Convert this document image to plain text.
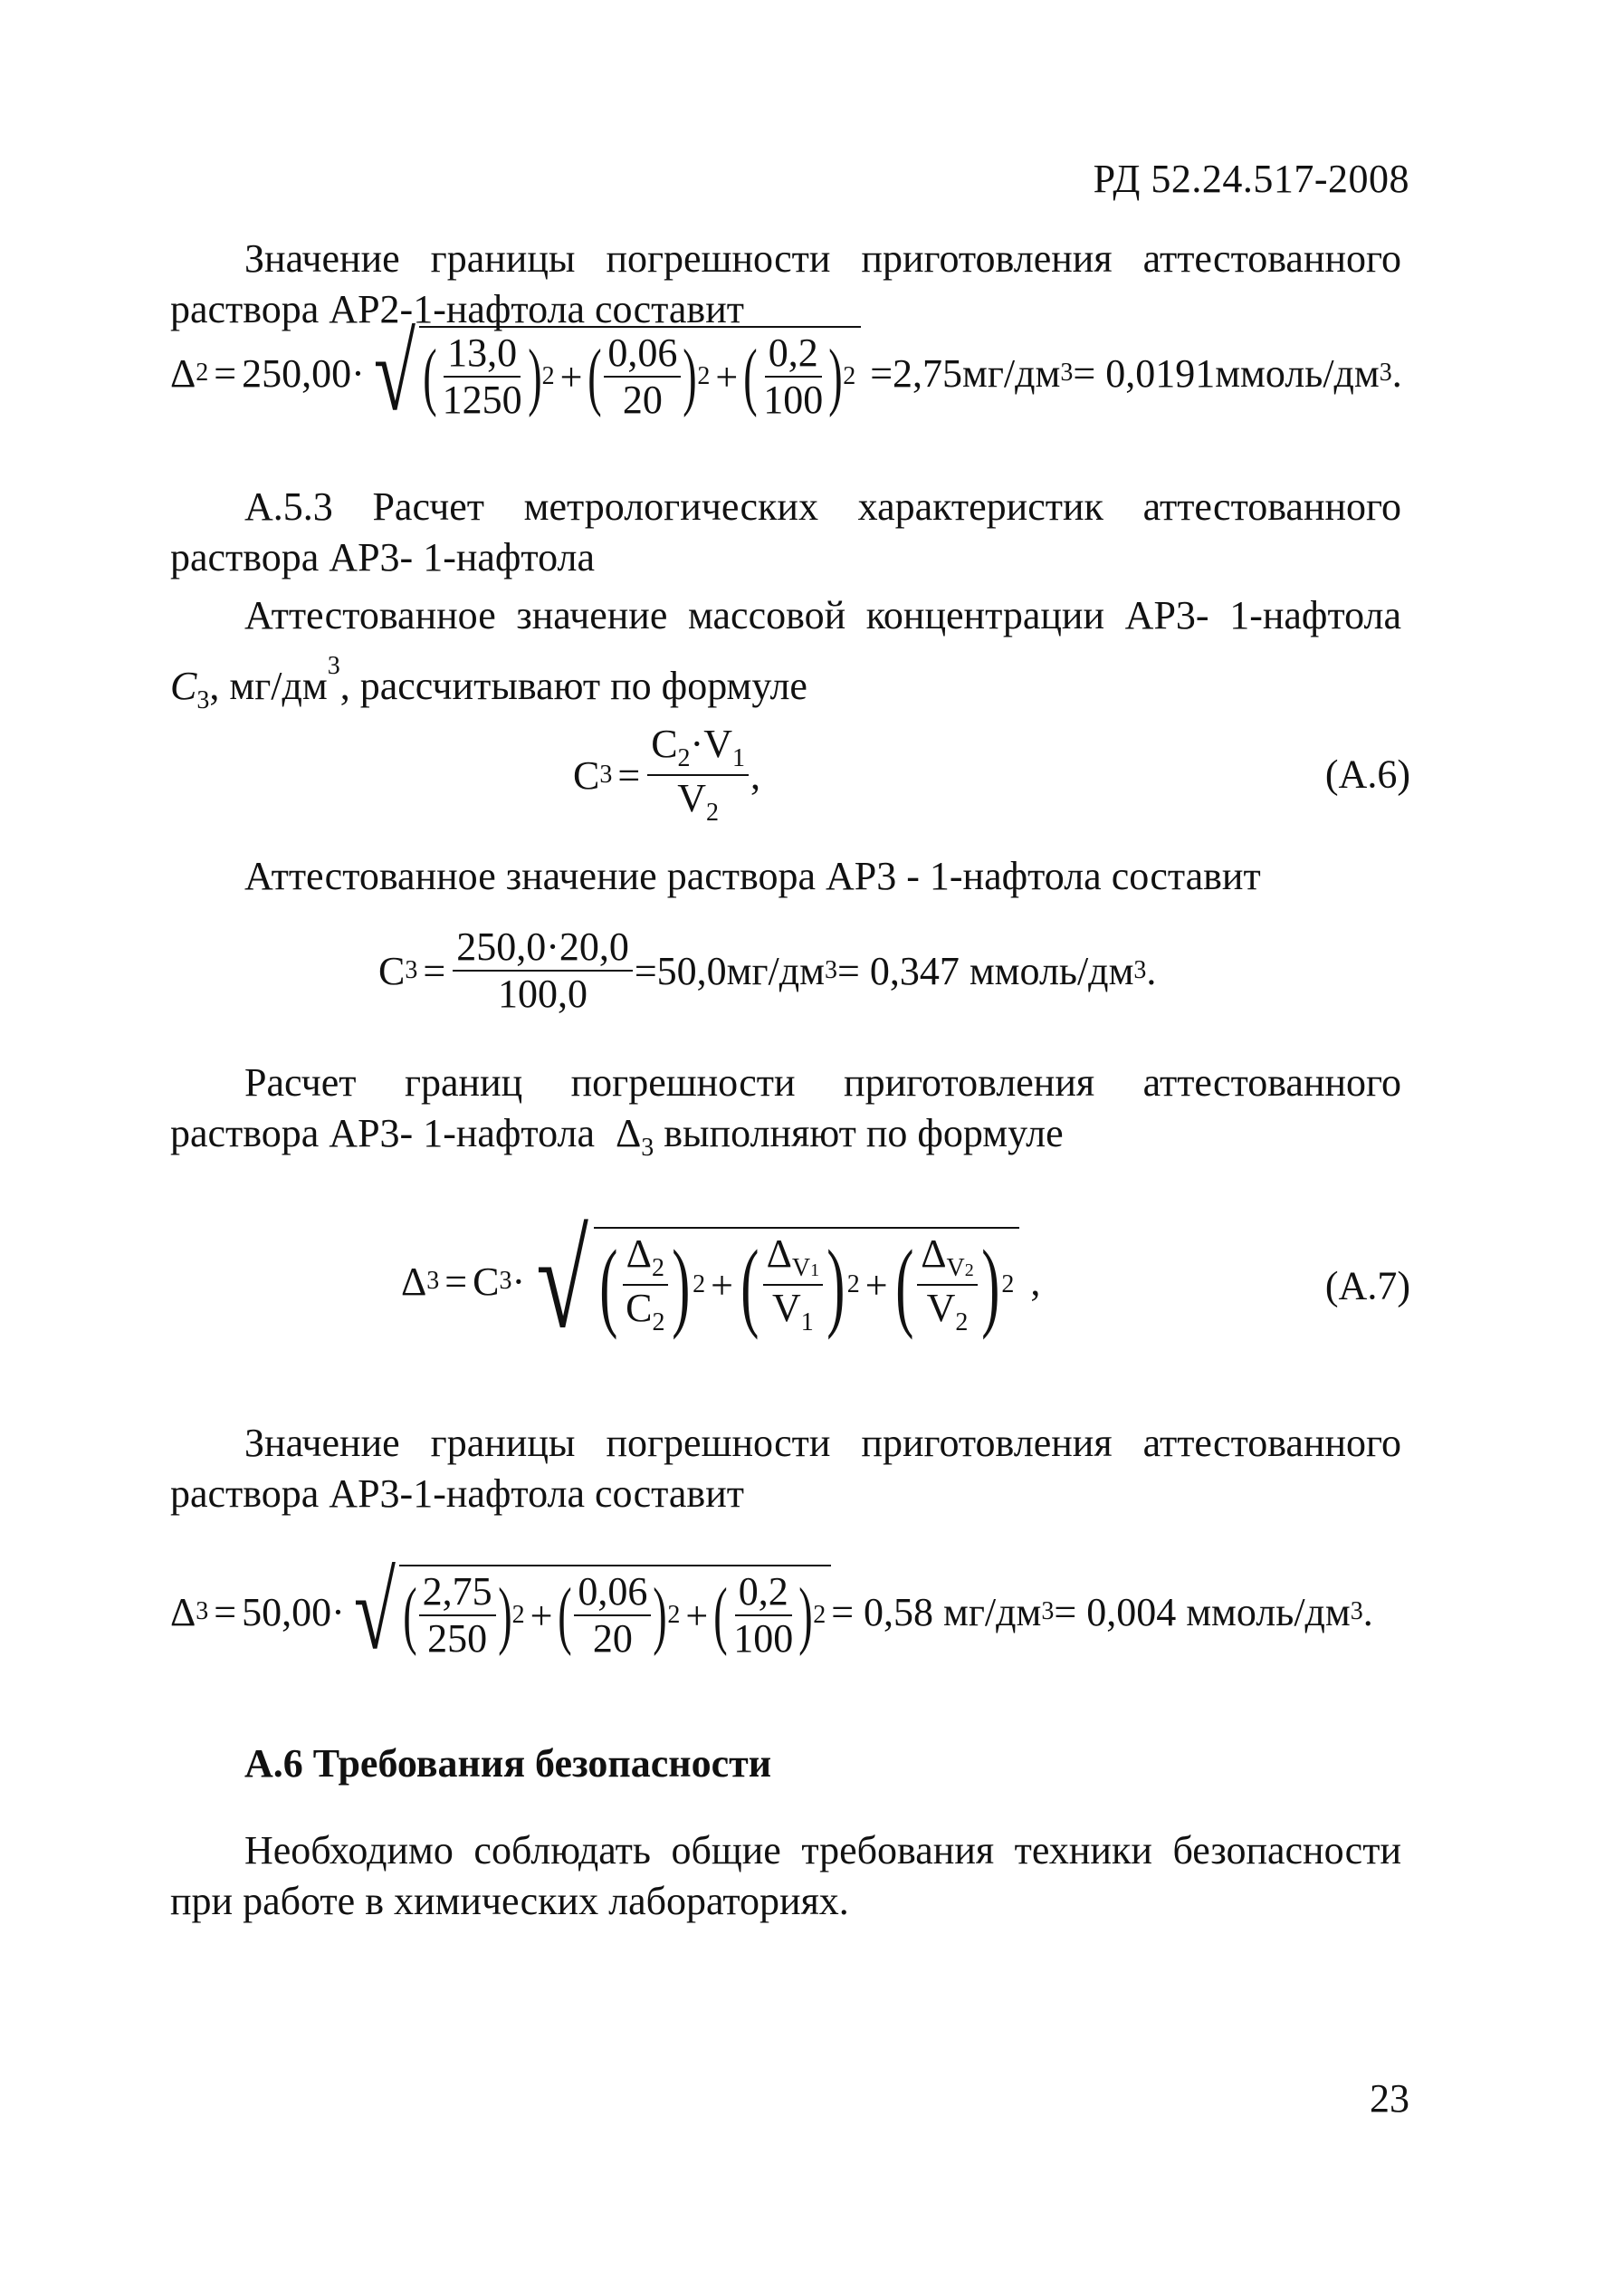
РД 52.24.517-2008

Значение границы погрешности приготовления аттестованного раствора АР2-1-нафтола составит

Δ 2 = 250,00· √ ( $\frac{13,0}{1250}$ ) 2 + ( $\frac{0,06}{20}$ ) 2 + ( $\frac{0,2}{100}$ ) 2 =2,75мг/дм 3 = 0,0191ммоль/дм 3 .

А.5.3 Расчет метрологических характеристик аттестованного раствора АР3- 1-нафтола

Аттестованное значение массовой концентрации АР3- 1-нафтола $C_3$, $мг/дм^3$, рассчитывают по формуле

C $3 = \frac{C_2\cdot V_1}{V_2}$ ,	(А.6)

Аттестованное значение раствора АР3 - 1-нафтола составит

C $3 = \frac{250,0\cdot 20,0}{100,0} =50,0мг/дм$ 3 = 0,347 ммоль/дм 3 .

Расчет границ погрешности приготовления аттестованного раствора АР3- 1-нафтола $\Delta_3$ выполняют по формуле

Δ 3 = C 3 · √ ( $\frac{\Delta_2}{C_2}$ ) 2 + ( $\frac{\Delta_{V1}}{V_1}$ ) 2 + ( $\frac{\Delta_{V2}}{V_2}$ ) 2 ,	(А.7)

Значение границы погрешности приготовления аттестованного раствора АР3-1-нафтола составит

Δ 3 = 50,00· √ ( $\frac{2,75}{250}$ ) 2 + ( $\frac{0,06}{20}$ ) 2 + ( $\frac{0,2}{100}$ ) 2 = 0,58 мг/дм 3 = 0,004 ммоль/дм 3 .
А.6 Требования безопасности

Необходимо соблюдать общие требования техники безопасности при работе в химических лабораториях.

23
